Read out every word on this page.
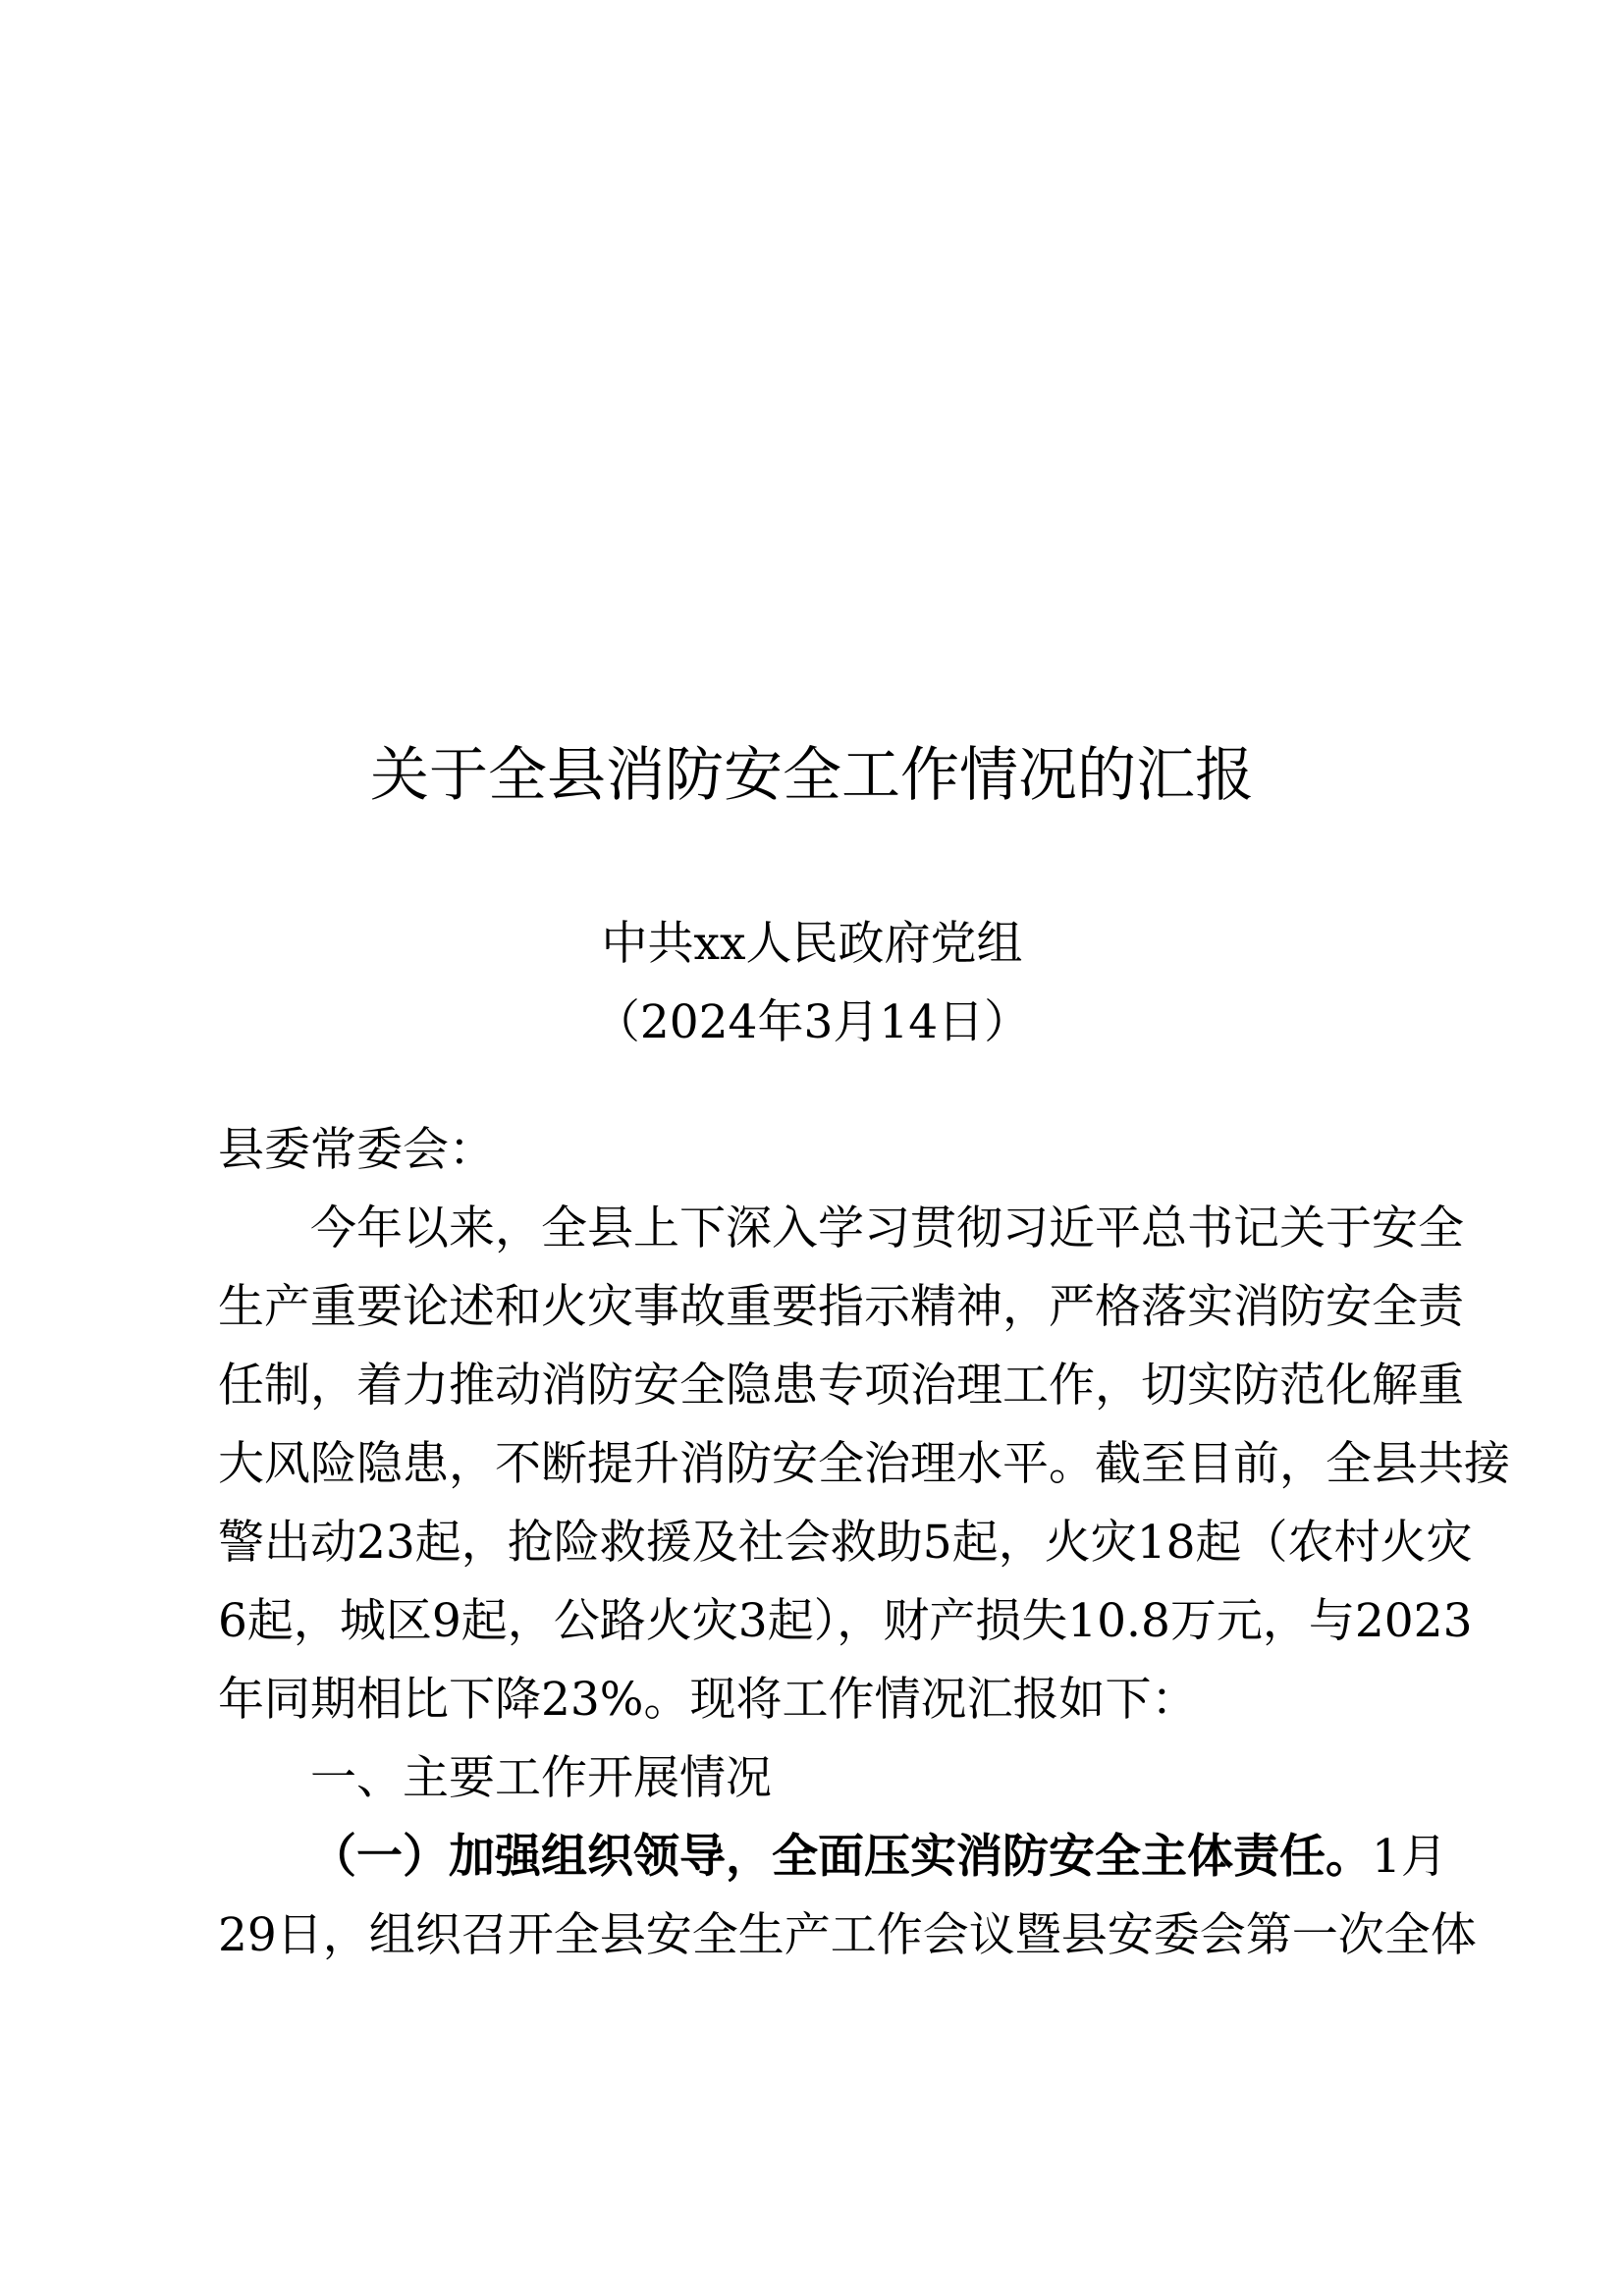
关于全县消防安全工作情况的汇报
中共xx人民政府党组
（2024年3月14日）
县委常委会：
今年以来，全县上下深入学习贯彻习近平总书记关于安全
生产重要论述和火灾事故重要指示精神，严格落实消防安全责
任制，着力推动消防安全隐患专项治理工作，切实防范化解重
大风险隐患，不断提升消防安全治理水平。截至目前，全县共接
警出动23起，抢险救援及社会救助5起，火灾18起（农村火灾
6起，城区9起，公路火灾3起），财产损失10.8万元，与2023
年同期相比下降23%。现将工作情况汇报如下：
一、主要工作开展情况
（一）加强组织领导，全面压实消防安全主体责任。1月
29日，组织召开全县安全生产工作会议暨县安委会第一次全体
